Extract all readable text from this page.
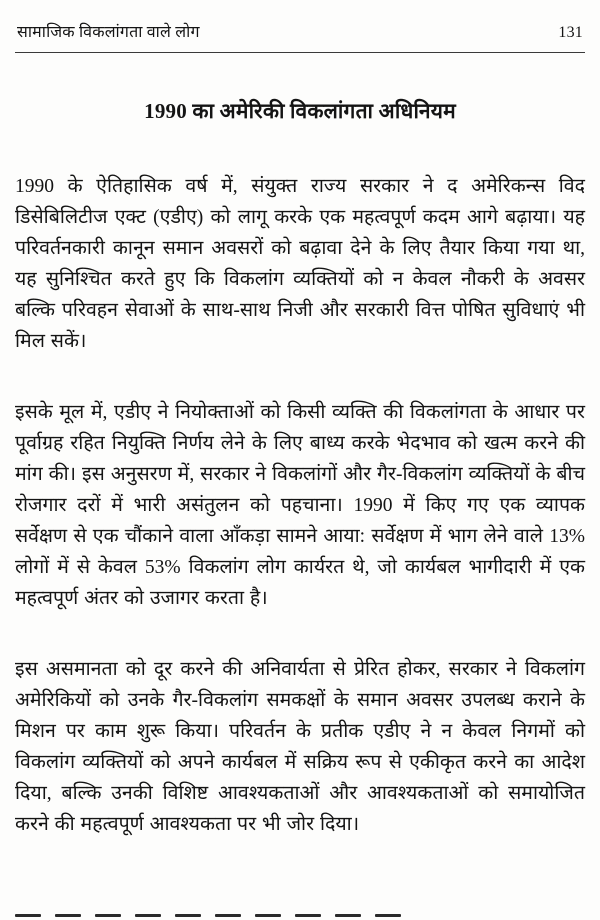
सामाजिक विकलांगता वाले लोग	131
1990 का अमेरिकी विकलांगता अधिनियम

1990 के ऐतिहासिक वर्ष में, संयुक्त राज्य सरकार ने द अमेरिकन्स विद डिसेबिलिटीज एक्ट (एडीए) को लागू करके एक महत्वपूर्ण कदम आगे बढ़ाया। यह परिवर्तनकारी कानून समान अवसरों को बढ़ावा देने के लिए तैयार किया गया था, यह सुनिश्चित करते हुए कि विकलांग व्यक्तियों को न केवल नौकरी के अवसर बल्कि परिवहन सेवाओं के साथ-साथ निजी और सरकारी वित्त पोषित सुविधाएं भी मिल सकें।

इसके मूल में, एडीए ने नियोक्ताओं को किसी व्यक्ति की विकलांगता के आधार पर पूर्वाग्रह रहित नियुक्ति निर्णय लेने के लिए बाध्य करके भेदभाव को खत्म करने की मांग की। इस अनुसरण में, सरकार ने विकलांगों और गैर-विकलांग व्यक्तियों के बीच रोजगार दरों में भारी असंतुलन को पहचाना। 1990 में किए गए एक व्यापक सर्वेक्षण से एक चौंकाने वाला आँकड़ा सामने आया: सर्वेक्षण में भाग लेने वाले 13% लोगों में से केवल 53% विकलांग लोग कार्यरत थे, जो कार्यबल भागीदारी में एक महत्वपूर्ण अंतर को उजागर करता है।

इस असमानता को दूर करने की अनिवार्यता से प्रेरित होकर, सरकार ने विकलांग अमेरिकियों को उनके गैर-विकलांग समकक्षों के समान अवसर उपलब्ध कराने के मिशन पर काम शुरू किया। परिवर्तन के प्रतीक एडीए ने न केवल निगमों को विकलांग व्यक्तियों को अपने कार्यबल में सक्रिय रूप से एकीकृत करने का आदेश दिया, बल्कि उनकी विशिष्ट आवश्यकताओं और आवश्यकताओं को समायोजित करने की महत्वपूर्ण आवश्यकता पर भी जोर दिया।
